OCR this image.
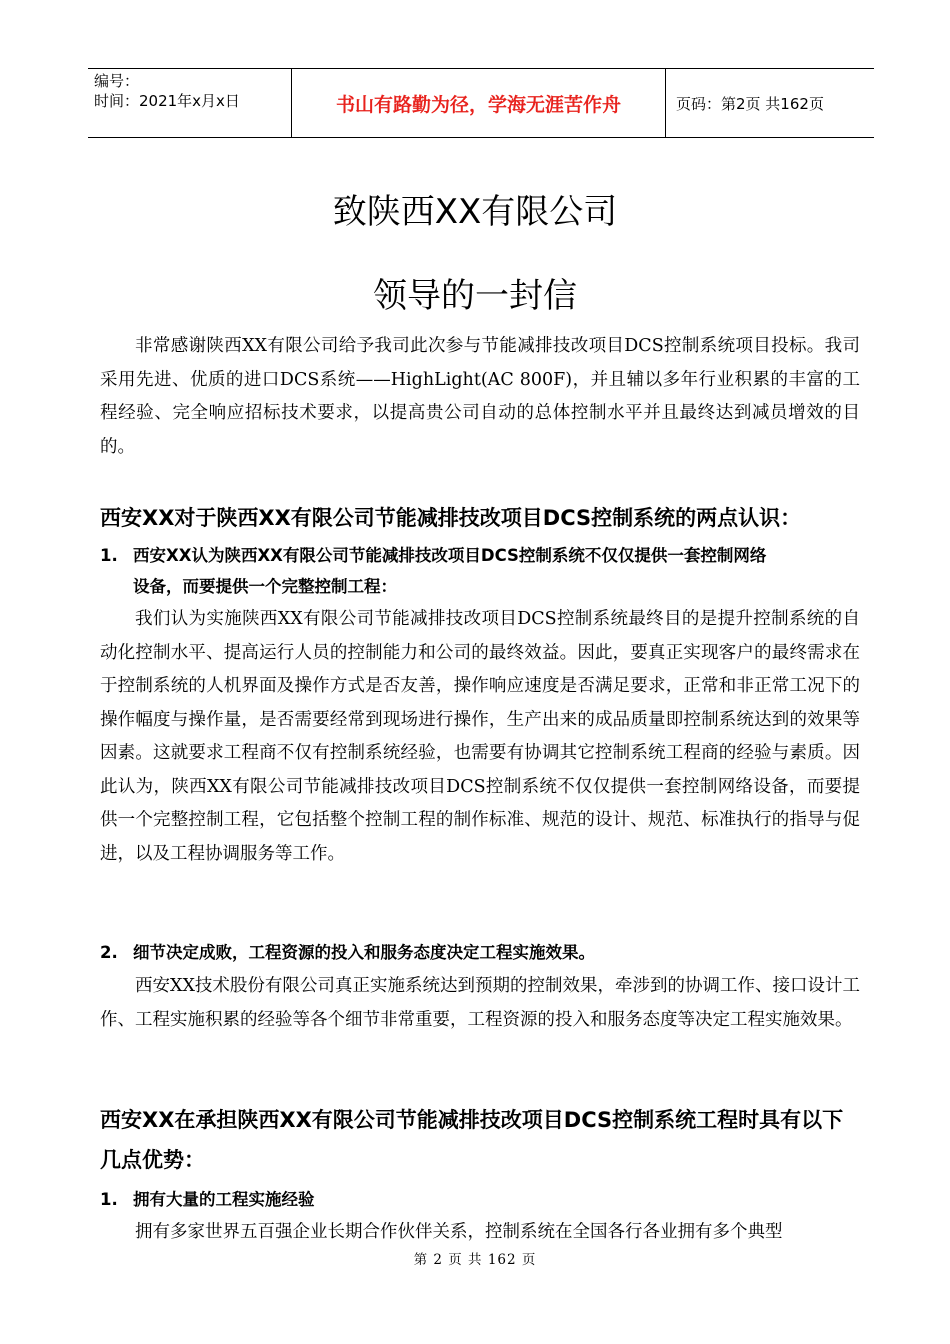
编号：
时间：2021年x月x日	书山有路勤为径，学海无涯苦作舟	页码：第2页 共162页
致陕西XX有限公司
领导的一封信
非常感谢陕西XX有限公司给予我司此次参与节能减排技改项目DCS控制系统项目投标。我司采用先进、优质的进口DCS系统——HighLight(AC 800F)，并且辅以多年行业积累的丰富的工程经验、完全响应招标技术要求，以提高贵公司自动的总体控制水平并且最终达到减员增效的目的。
西安XX对于陕西XX有限公司节能减排技改项目DCS控制系统的两点认识：
1. 西安XX认为陕西XX有限公司节能减排技改项目DCS控制系统不仅仅提供一套控制网络
设备，而要提供一个完整控制工程：
我们认为实施陕西XX有限公司节能减排技改项目DCS控制系统最终目的是提升控制系统的自动化控制水平、提高运行人员的控制能力和公司的最终效益。因此，要真正实现客户的最终需求在于控制系统的人机界面及操作方式是否友善，操作响应速度是否满足要求，正常和非正常工况下的操作幅度与操作量，是否需要经常到现场进行操作，生产出来的成品质量即控制系统达到的效果等因素。这就要求工程商不仅有控制系统经验，也需要有协调其它控制系统工程商的经验与素质。因此认为，陕西XX有限公司节能减排技改项目DCS控制系统不仅仅提供一套控制网络设备，而要提供一个完整控制工程，它包括整个控制工程的制作标准、规范的设计、规范、标准执行的指导与促进，以及工程协调服务等工作。
2. 细节决定成败，工程资源的投入和服务态度决定工程实施效果。
西安XX技术股份有限公司真正实施系统达到预期的控制效果，牵涉到的协调工作、接口设计工作、工程实施积累的经验等各个细节非常重要，工程资源的投入和服务态度等决定工程实施效果。
西安XX在承担陕西XX有限公司节能减排技改项目DCS控制系统工程时具有以下几点优势：
1. 拥有大量的工程实施经验
拥有多家世界五百强企业长期合作伙伴关系，控制系统在全国各行各业拥有多个典型
第 2 页 共 162 页
